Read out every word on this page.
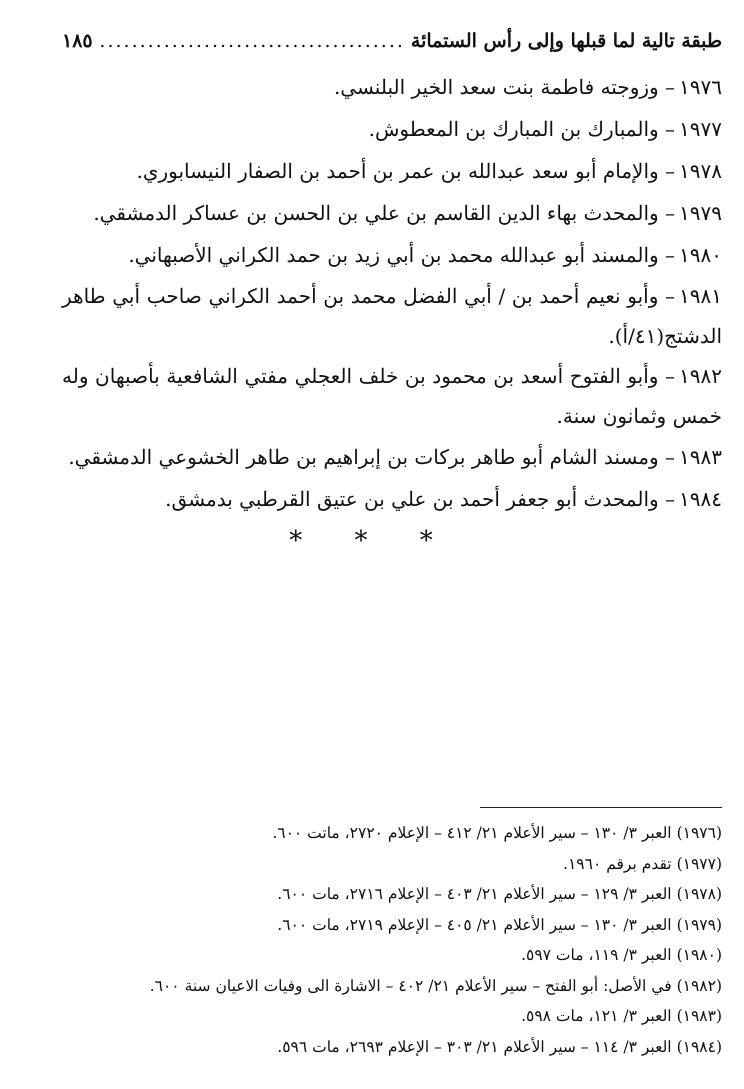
طبقة تالية لما قبلها وإلى رأس الستمائة
.....
١٨٥
١٩٧٦– وزوجته فاطمة بنت سعد الخير البلنسي.
١٩٧٧– والمبارك بن المبارك بن المعطوش.
١٩٧٨– والإمام أبو سعد عبدالله بن عمر بن أحمد بن الصفار النيسابوري.
١٩٧٩– والمحدث بهاء الدين القاسم بن علي بن الحسن بن عساكر الدمشقي.
١٩٨٠– والمسند أبو عبدالله محمد بن أبي زيد بن حمد الكراني الأصبهاني.
١٩٨١– وأبو نعيم أحمد بن / أبي الفضل محمد بن أحمد الكراني صاحب أبي طاهر الدشتج(٤١/أ).
١٩٨٢– وأبو الفتوح أسعد بن محمود بن خلف العجلي مفتي الشافعية بأصبهان وله خمس وثمانون سنة.
١٩٨٣– ومسند الشام أبو طاهر بركات بن إبراهيم بن طاهر الخشوعي الدمشقي.
١٩٨٤– والمحدث أبو جعفر أحمد بن علي بن عتيق القرطبي بدمشق.
* * *
(١٩٧٦) العبر ٣/ ١٣٠ – سير الأعلام ٢١/ ٤١٢ – الإعلام ٢٧٢٠، ماتت ٦٠٠.
(١٩٧٧) تقدم برقم ١٩٦٠.
(١٩٧٨) العبر ٣/ ١٢٩ – سير الأعلام ٢١/ ٤٠٣ – الإعلام ٢٧١٦، مات ٦٠٠.
(١٩٧٩) العبر ٣/ ١٣٠ – سير الأعلام ٢١/ ٤٠٥ – الإعلام ٢٧١٩، مات ٦٠٠.
(١٩٨٠) العبر ٣/ ١١٩، مات ٥٩٧.
(١٩٨٢) في الأصل: أبو الفتح – سير الأعلام ٢١/ ٤٠٢ – الاشارة الى وفيات الاعيان سنة ٦٠٠.
(١٩٨٣) العبر ٣/ ١٢١، مات ٥٩٨.
(١٩٨٤) العبر ٣/ ١١٤ – سير الأعلام ٢١/ ٣٠٣ – الإعلام ٢٦٩٣، مات ٥٩٦.
